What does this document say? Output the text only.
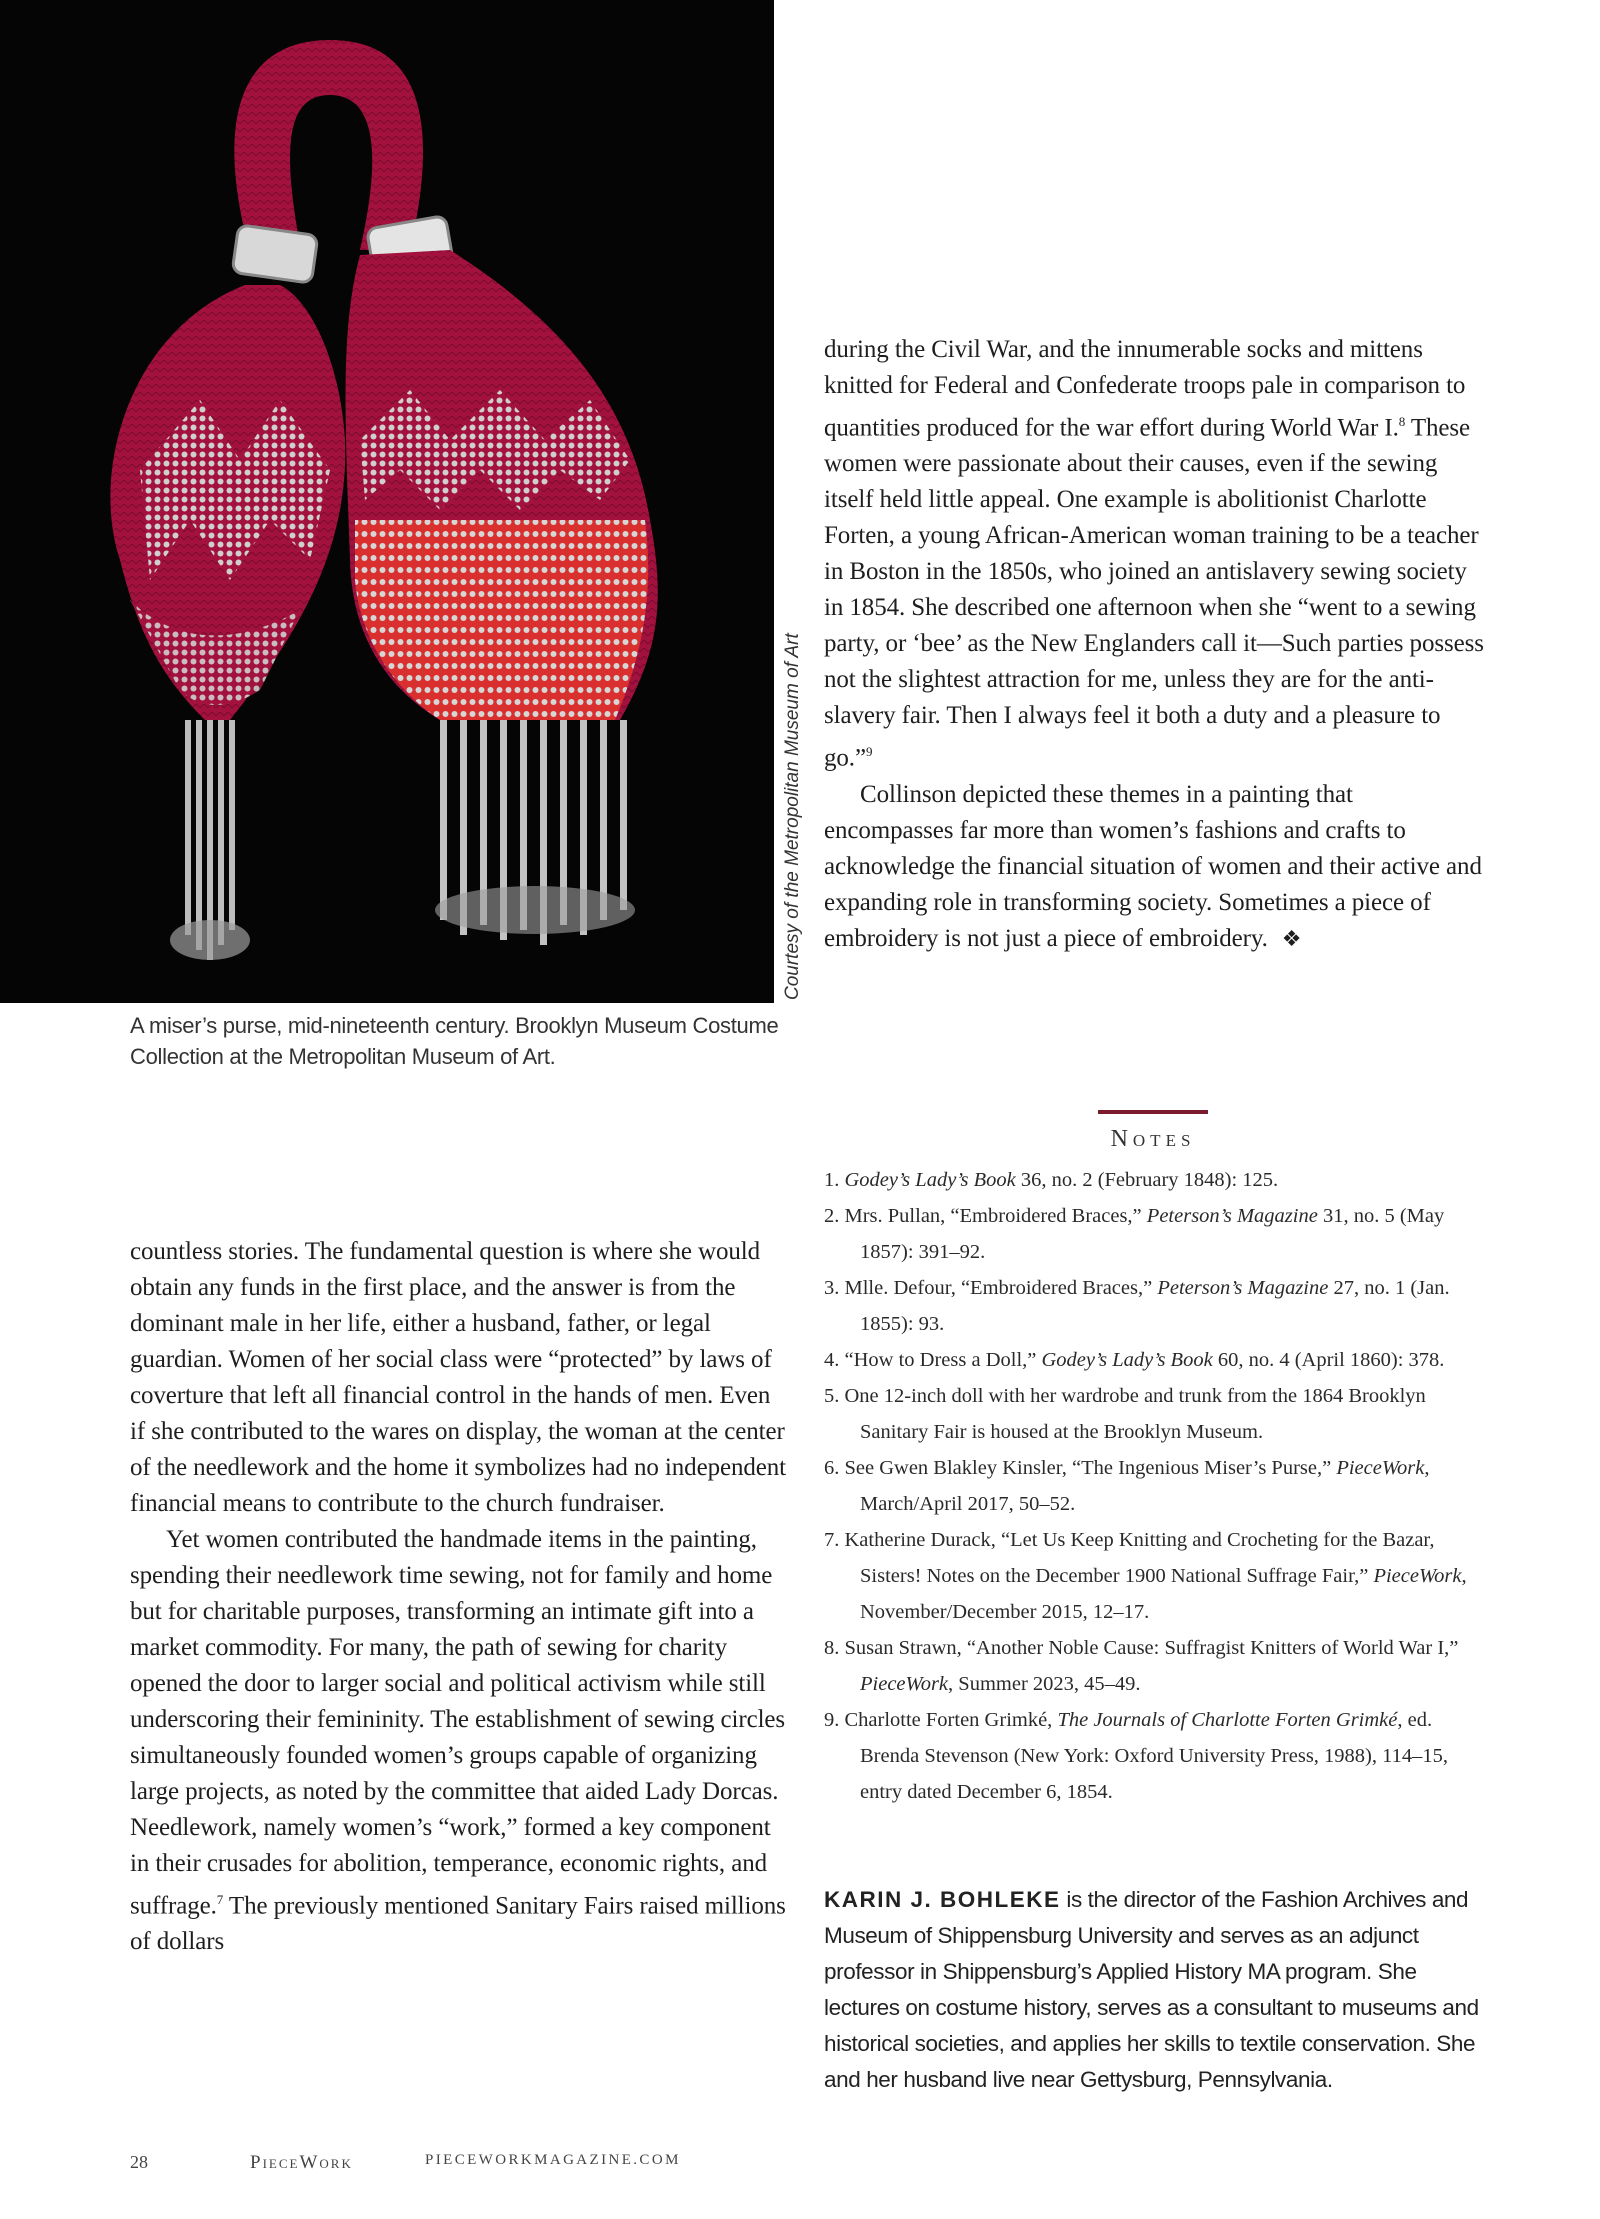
Courtesy of the Metropolitan Museum of Art
A miser’s purse, mid-nineteenth century. Brooklyn Museum Costume Collection at the Metropolitan Museum of Art.

during the Civil War, and the innumerable socks and mittens knitted for Federal and Confederate troops pale in comparison to quantities produced for the war effort during World War I.$^8$ These women were passionate about their causes, even if the sewing itself held little appeal. One example is abolitionist Charlotte Forten, a young African-American woman training to be a teacher in Boston in the 1850s, who joined an antislavery sewing society in 1854. She described one afternoon when she “went to a sewing party, or ‘bee’ as the New Englanders call it—Such parties possess not the slightest attraction for me, unless they are for the anti-slavery fair. Then I always feel it both a duty and a pleasure to go.”$^9$

Collinson depicted these themes in a painting that encompasses far more than women’s fashions and crafts to acknowledge the financial situation of women and their active and expanding role in transforming society. Sometimes a piece of embroidery is not just a piece of embroidery. ❖

countless stories. The fundamental question is where she would obtain any funds in the first place, and the answer is from the dominant male in her life, either a husband, father, or legal guardian. Women of her social class were “protected” by laws of coverture that left all financial control in the hands of men. Even if she contributed to the wares on display, the woman at the center of the needlework and the home it symbolizes had no independent financial means to contribute to the church fundraiser.

Yet women contributed the handmade items in the painting, spending their needlework time sewing, not for family and home but for charitable purposes, transforming an intimate gift into a market commodity. For many, the path of sewing for charity opened the door to larger social and political activism while still underscoring their femininity. The establishment of sewing circles simultaneously founded women’s groups capable of organizing large projects, as noted by the committee that aided Lady Dorcas. Needlework, namely women’s “work,” formed a key component in their crusades for abolition, temperance, economic rights, and suffrage.$^7$ The previously mentioned Sanitary Fairs raised millions of dollars

Notes
1. Godey’s Lady’s Book 36, no. 2 (February 1848): 125.
2. Mrs. Pullan, “Embroidered Braces,” Peterson’s Magazine 31, no. 5 (May 1857): 391–92.
3. Mlle. Defour, “Embroidered Braces,” Peterson’s Magazine 27, no. 1 (Jan. 1855): 93.
4. “How to Dress a Doll,” Godey’s Lady’s Book 60, no. 4 (April 1860): 378.
5. One 12-inch doll with her wardrobe and trunk from the 1864 Brooklyn Sanitary Fair is housed at the Brooklyn Museum.
6. See Gwen Blakley Kinsler, “The Ingenious Miser’s Purse,” PieceWork, March/April 2017, 50–52.
7. Katherine Durack, “Let Us Keep Knitting and Crocheting for the Bazar, Sisters! Notes on the December 1900 National Suffrage Fair,” PieceWork, November/December 2015, 12–17.
8. Susan Strawn, “Another Noble Cause: Suffragist Knitters of World War I,” PieceWork, Summer 2023, 45–49.
9. Charlotte Forten Grimké, The Journals of Charlotte Forten Grimké, ed. Brenda Stevenson (New York: Oxford University Press, 1988), 114–15, entry dated December 6, 1854.
KARIN J. BOHLEKE is the director of the Fashion Archives and Museum of Shippensburg University and serves as an adjunct professor in Shippensburg’s Applied History MA program. She lectures on costume history, serves as a consultant to museums and historical societies, and applies her skills to textile conservation. She and her husband live near Gettysburg, Pennsylvania.
28	PieceWork	PIECEWORKMAGAZINE.COM
